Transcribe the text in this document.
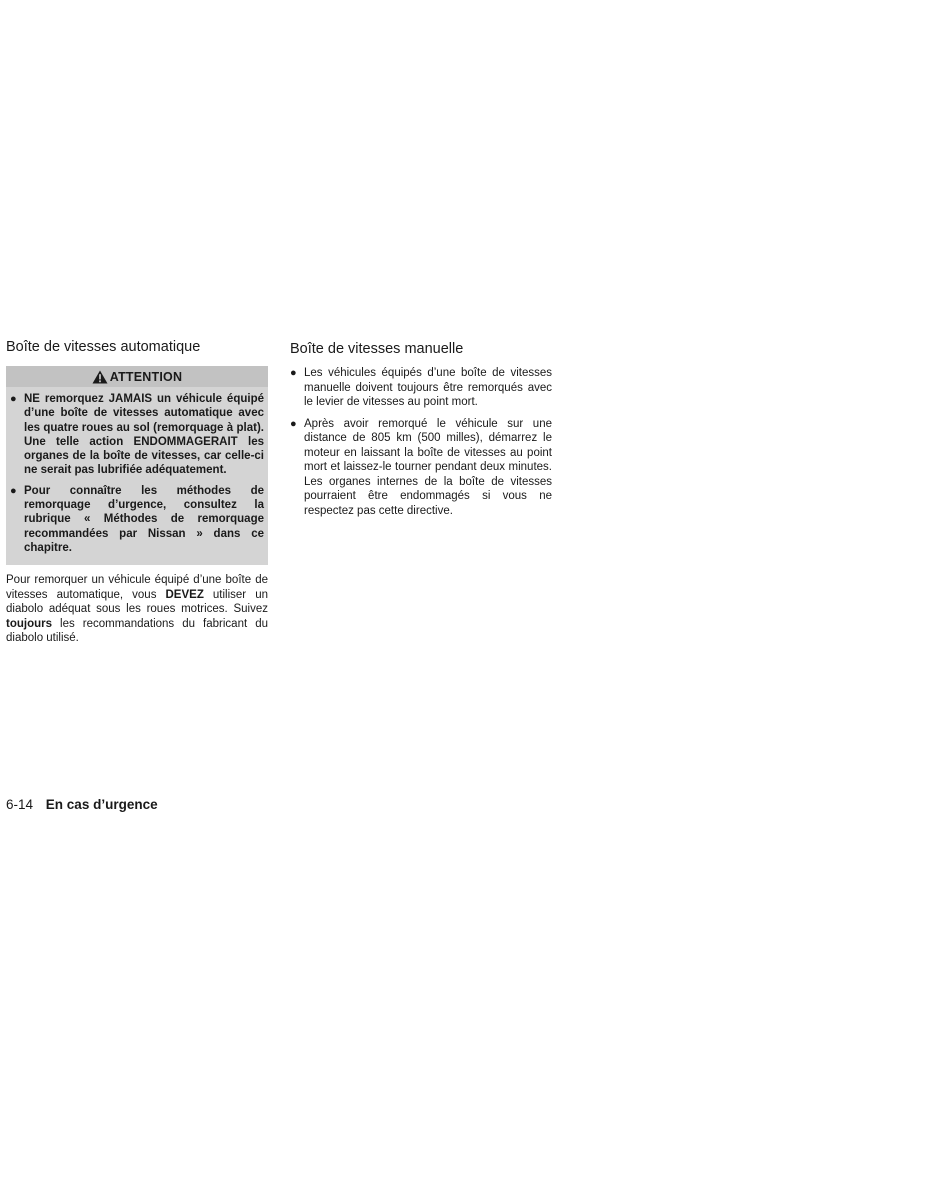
Boîte de vitesses automatique
ATTENTION
● NE remorquez JAMAIS un véhicule équipé d’une boîte de vitesses automatique avec les quatre roues au sol (remorquage à plat). Une telle action ENDOMMAGERAIT les organes de la boîte de vitesses, car celle-ci ne serait pas lubrifiée adéquatement.
● Pour connaître les méthodes de remorquage d’urgence, consultez la rubrique « Méthodes de remorquage recommandées par Nissan » dans ce chapitre.

Pour remorquer un véhicule équipé d’une boîte de vitesses automatique, vous DEVEZ utiliser un diabolo adéquat sous les roues motrices. Suivez toujours les recommandations du fabricant du diabolo utilisé.

Boîte de vitesses manuelle
● Les véhicules équipés d’une boîte de vitesses manuelle doivent toujours être remorqués avec le levier de vitesses au point mort.
● Après avoir remorqué le véhicule sur une distance de 805 km (500 milles), démarrez le moteur en laissant la boîte de vitesses au point mort et laissez-le tourner pendant deux minutes. Les organes internes de la boîte de vitesses pourraient être endommagés si vous ne respectez pas cette directive.
6-14 En cas d’urgence
